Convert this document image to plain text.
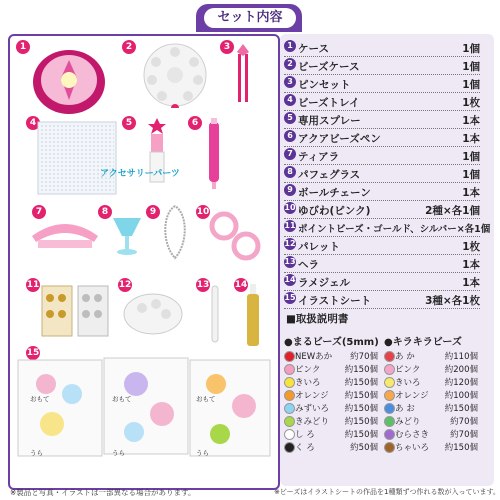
セット内容
1	2	3
4	5	6
7	8	9	10
11	12	13	14
15
アクセサリーパーツ
おもて
うら
おもて
うら
おもて
うら
1 ケース	1個
2 ビーズケース	1個
3 ピンセット	1個
4 ビーズトレイ	1枚
5 専用スプレー	1本
6 アクアビーズペン	1本
7 ティアラ	1個
8 パフェグラス	1個
9 ボールチェーン	1本
10 ゆびわ(ピンク)	2種×各1個
11 ポイントビーズ・ゴールド、シルバー×各1個
12 パレット	1枚
13 ヘラ	1本
14 ラメジェル	1本
15 イラストシート	3種×各1枚
■取扱説明書
●まるビーズ(5mm) ●キラキラビーズ
NEWあか 約70個
ピンク	約150個
きいろ	約150個
オレンジ 約150個
みずいろ 約150個
きみどり 約150個
し ろ	約150個
く ろ	約50個
あ か	約110個
ピンク	約200個
きいろ	約120個
オレンジ 約100個
あ お	約150個
みどり	約70個
むらさき 約70個
ちゃいろ 約150個
※製品と写真・イラストは一部異なる場合があります。	※ビーズはイラストシートの作品を1種類ずつ作れる数が入っています。
